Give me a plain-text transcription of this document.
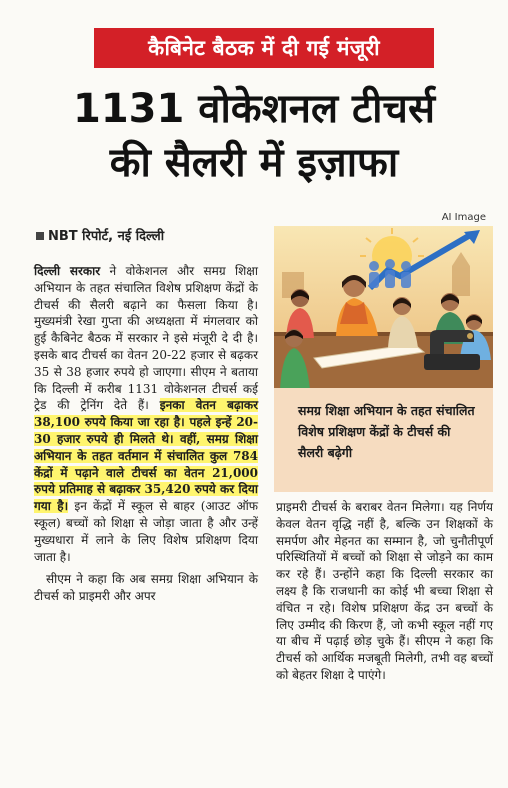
कैबिनेट बैठक में दी गई मंजूरी
1131 वोकेशनल टीचर्स
की सैलरी में इज़ाफा
AI Image
NBT रिपोर्ट, नई दिल्ली

दिल्ली सरकार ने वोकेशनल और समग्र शिक्षा अभियान के तहत संचालित विशेष प्रशिक्षण केंद्रों के टीचर्स की सैलरी बढ़ाने का फैसला किया है। मुख्यमंत्री रेखा गुप्ता की अध्यक्षता में मंगलवार को हुई कैबिनेट बैठक में सरकार ने इसे मंजूरी दे दी है। इसके बाद टीचर्स का वेतन 20-22 हजार से बढ़कर 35 से 38 हजार रुपये हो जाएगा। सीएम ने बताया कि दिल्ली में करीब 1131 वोकेशनल टीचर्स कई ट्रेड की ट्रेनिंग देते हैं। इनका वेतन बढ़ाकर 38,100 रुपये किया जा रहा है। पहले इन्हें 20-30 हजार रुपये ही मिलते थे। वहीं, समग्र शिक्षा अभियान के तहत वर्तमान में संचालित कुल 784 केंद्रों में पढ़ाने वाले टीचर्स का वेतन 21,000 रुपये प्रतिमाह से बढ़ाकर 35,420 रुपये कर दिया गया है। इन केंद्रों में स्कूल से बाहर (आउट ऑफ स्कूल) बच्चों को शिक्षा से जोड़ा जाता है और उन्हें मुख्यधारा में लाने के लिए विशेष प्रशिक्षण दिया जाता है।

सीएम ने कहा कि अब समग्र शिक्षा अभियान के टीचर्स को प्राइमरी और अपर

समग्र शिक्षा अभियान के तहत संचालित विशेष प्रशिक्षण केंद्रों के टीचर्स की सैलरी बढ़ेगी

प्राइमरी टीचर्स के बराबर वेतन मिलेगा। यह निर्णय केवल वेतन वृद्धि नहीं है, बल्कि उन शिक्षकों के समर्पण और मेहनत का सम्मान है, जो चुनौतीपूर्ण परिस्थितियों में बच्चों को शिक्षा से जोड़ने का काम कर रहे हैं। उन्होंने कहा कि दिल्ली सरकार का लक्ष्य है कि राजधानी का कोई भी बच्चा शिक्षा से वंचित न रहे। विशेष प्रशिक्षण केंद्र उन बच्चों के लिए उम्मीद की किरण हैं, जो कभी स्कूल नहीं गए या बीच में पढ़ाई छोड़ चुके हैं। सीएम ने कहा कि टीचर्स को आर्थिक मजबूती मिलेगी, तभी वह बच्चों को बेहतर शिक्षा दे पाएंगे।
